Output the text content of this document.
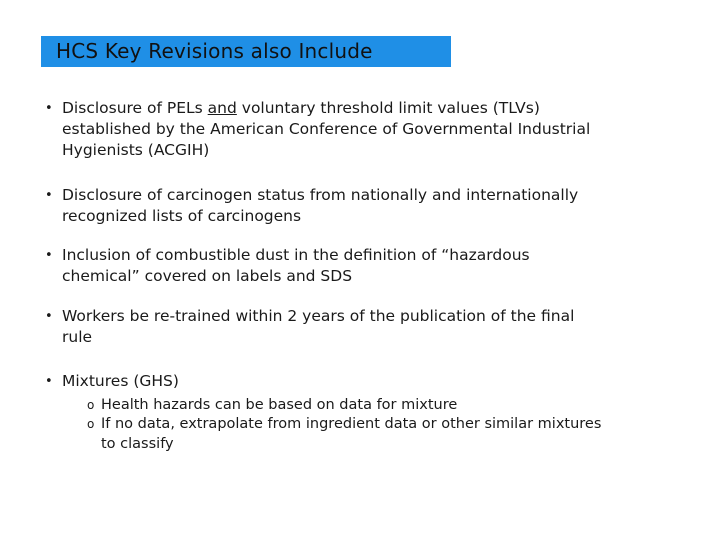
HCS Key Revisions also Include
• Disclosure of PELs and voluntary threshold limit values (TLVs)
established by the American Conference of Governmental Industrial
Hygienists (ACGIH)
• Disclosure of carcinogen status from nationally and internationally
recognized lists of carcinogens
• Inclusion of combustible dust in the definition of “hazardous
chemical” covered on labels and SDS
• Workers be re-trained within 2 years of the publication of the final
rule
• Mixtures (GHS)
o Health hazards can be based on data for mixture
o If no data, extrapolate from ingredient data or other similar mixtures
to classify
